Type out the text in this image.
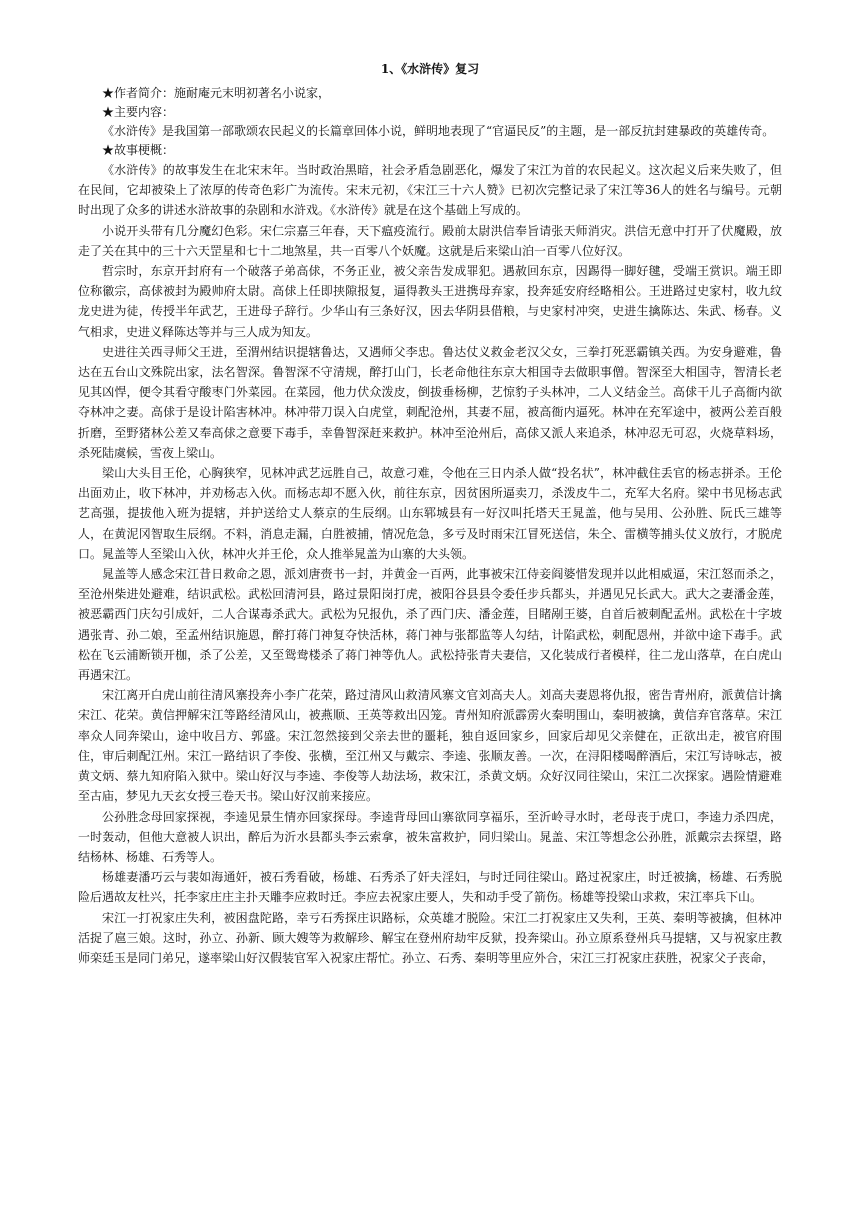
1、《水浒传》复习

★作者简介：施耐庵元末明初著名小说家，

★主要内容：

《水浒传》是我国第一部歌颂农民起义的长篇章回体小说，鲜明地表现了“官逼民反”的主题，是一部反抗封建暴政的英雄传奇。

★故事梗概：

《水浒传》的故事发生在北宋末年。当时政治黑暗，社会矛盾急剧恶化，爆发了宋江为首的农民起义。这次起义后来失败了，但在民间，它却被染上了浓厚的传奇色彩广为流传。宋末元初，《宋江三十六人赞》已初次完整记录了宋江等36人的姓名与编号。元朝时出现了众多的讲述水浒故事的杂剧和水浒戏。《水浒传》就是在这个基础上写成的。

小说开头带有几分魔幻色彩。宋仁宗嘉三年春，天下瘟疫流行。殿前太尉洪信奉旨请张天师消灾。洪信无意中打开了伏魔殿，放走了关在其中的三十六天罡星和七十二地煞星，共一百零八个妖魔。这就是后来梁山泊一百零八位好汉。

哲宗时，东京开封府有一个破落子弟高俅，不务正业，被父亲告发成罪犯。遇赦回东京，因踢得一脚好毽，受端王赏识。端王即位称徽宗，高俅被封为殿帅府太尉。高俅上任即挟隙报复，逼得教头王进携母弃家，投奔延安府经略相公。王进路过史家村，收九纹龙史进为徒，传授半年武艺，王进母子辞行。少华山有三条好汉，因去华阴县借粮，与史家村冲突，史进生擒陈达、朱武、杨春。义气相求，史进义释陈达等并与三人成为知友。

史进往关西寻师父王进，至渭州结识提辖鲁达，又遇师父李忠。鲁达仗义救金老汉父女，三拳打死恶霸镇关西。为安身避难，鲁达在五台山文殊院出家，法名智深。鲁智深不守清规，醉打山门，长老命他往东京大相国寺去做职事僧。智深至大相国寺，智清长老见其凶悍，便令其看守酸枣门外菜园。在菜园，他力伏众泼皮，倒拔垂杨柳，艺惊豹子头林冲，二人义结金兰。高俅干儿子高衙内欲夺林冲之妻。高俅于是设计陷害林冲。林冲带刀误入白虎堂，刺配沧州，其妻不屈，被高衙内逼死。林冲在充军途中，被两公差百般折磨，至野猪林公差又奉高俅之意要下毒手，幸鲁智深赶来救护。林冲至沧州后，高俅又派人来追杀，林冲忍无可忍，火烧草料场，杀死陆虞候，雪夜上梁山。

梁山大头目王伦，心胸狭窄，见林冲武艺远胜自己，故意刁难，令他在三日内杀人做“投名状”，林冲截住丢官的杨志拼杀。王伦出面劝止，收下林冲，并劝杨志入伙。而杨志却不愿入伙，前往东京，因贫困所逼卖刀，杀泼皮牛二，充军大名府。梁中书见杨志武艺高强，提拔他入班为提辖，并护送给丈人蔡京的生辰纲。山东郓城县有一好汉叫托塔天王晁盖，他与吴用、公孙胜、阮氏三雄等人，在黄泥冈智取生辰纲。不料，消息走漏，白胜被捕，情况危急，多亏及时雨宋江冒死送信，朱仝、雷横等捕头仗义放行，才脱虎口。晁盖等人至梁山入伙，林冲火并王伦，众人推举晁盖为山寨的大头领。

晁盖等人感念宋江昔日救命之恩，派刘唐赍书一封，并黄金一百两，此事被宋江侍妾阎婆惜发现并以此相威逼，宋江怒而杀之，至沧州柴进处避难，结识武松。武松回清河县，路过景阳岗打虎，被阳谷县县令委任步兵都头，并遇见兄长武大。武大之妻潘金莲，被恶霸西门庆勾引成奸，二人合谋毒杀武大。武松为兄报仇，杀了西门庆、潘金莲，目睹剐王婆，自首后被刺配孟州。武松在十字坡遇张青、孙二娘，至孟州结识施恩，醉打蒋门神复夺快活林，蒋门神与张都监等人勾结，计陷武松，刺配恩州，并欲中途下毒手。武松在飞云浦断锁开枷，杀了公差，又至鸳鸯楼杀了蒋门神等仇人。武松持张青夫妻信，又化装成行者模样，往二龙山落草，在白虎山再遇宋江。

宋江离开白虎山前往清风寨投奔小李广花荣，路过清风山救清风寨文官刘高夫人。刘高夫妻恩将仇报，密告青州府，派黄信计擒宋江、花荣。黄信押解宋江等路经清风山，被燕顺、王英等救出囚笼。青州知府派霹雳火秦明围山，秦明被擒，黄信弃官落草。宋江率众人同奔梁山，途中收吕方、郭盛。宋江忽然接到父亲去世的噩耗，独自返回家乡，回家后却见父亲健在，正欲出走，被官府围住，审后刺配江州。宋江一路结识了李俊、张横，至江州又与戴宗、李逵、张顺友善。一次，在浔阳楼喝醉酒后，宋江写诗咏志，被黄文炳、蔡九知府陷入狱中。梁山好汉与李逵、李俊等人劫法场，救宋江，杀黄文炳。众好汉同往梁山，宋江二次探家。遇险情避难至古庙，梦见九天玄女授三卷天书。梁山好汉前来接应。

公孙胜念母回家探视，李逵见景生情亦回家探母。李逵背母回山寨欲同享福乐，至沂岭寻水时，老母丧于虎口，李逵力杀四虎，一时轰动，但他大意被人识出，醉后为沂水县都头李云索拿，被朱富救护，同归梁山。晁盖、宋江等想念公孙胜，派戴宗去探望，路结杨林、杨雄、石秀等人。

杨雄妻潘巧云与裴如海通奸，被石秀看破，杨雄、石秀杀了奸夫淫妇，与时迁同往梁山。路过祝家庄，时迁被擒，杨雄、石秀脱险后遇故友杜兴，托李家庄庄主扑天雕李应救时迁。李应去祝家庄要人，失和动手受了箭伤。杨雄等投梁山求救，宋江率兵下山。

宋江一打祝家庄失利，被困盘陀路，幸亏石秀探庄识路标，众英雄才脱险。宋江二打祝家庄又失利，王英、秦明等被擒，但林冲活捉了扈三娘。这时，孙立、孙新、顾大嫂等为救解珍、解宝在登州府劫牢反狱，投奔梁山。孙立原系登州兵马提辖，又与祝家庄教师栾廷玉是同门弟兄，遂率梁山好汉假装官军入祝家庄帮忙。孙立、石秀、秦明等里应外合，宋江三打祝家庄获胜，祝家父子丧命，
